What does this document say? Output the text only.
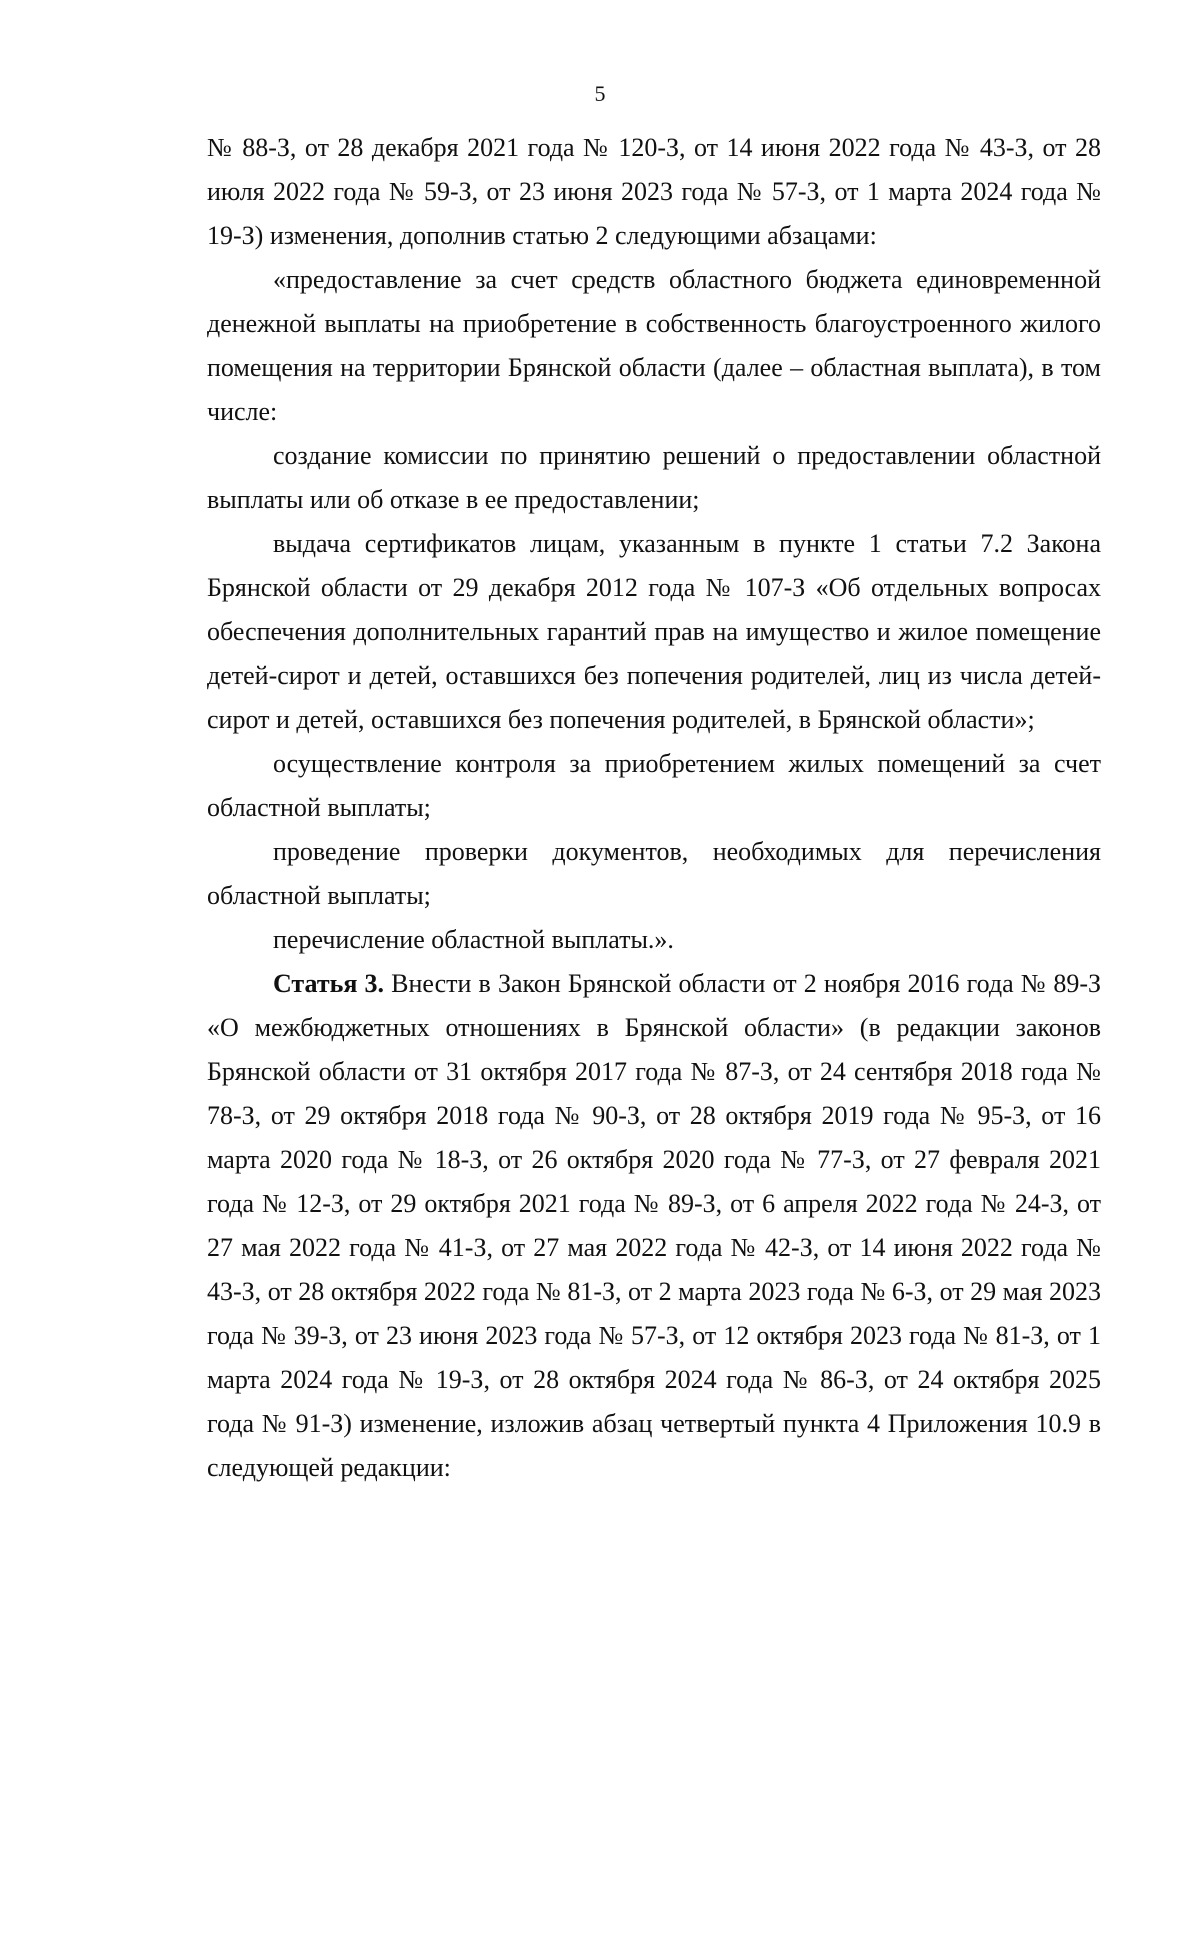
5

№ 88-З, от 28 декабря 2021 года № 120-З, от 14 июня 2022 года № 43-З, от 28 июля 2022 года № 59-З, от 23 июня 2023 года № 57-З, от 1 марта 2024 года № 19-З) изменения, дополнив статью 2 следующими абзацами:

«предоставление за счет средств областного бюджета единовременной денежной выплаты на приобретение в собственность благоустроенного жилого помещения на территории Брянской области (далее – областная выплата), в том числе:

создание комиссии по принятию решений о предоставлении областной выплаты или об отказе в ее предоставлении;

выдача сертификатов лицам, указанным в пункте 1 статьи 7.2 Закона Брянской области от 29 декабря 2012 года № 107-З «Об отдельных вопросах обеспечения дополнительных гарантий прав на имущество и жилое помещение детей-сирот и детей, оставшихся без попечения родителей, лиц из числа детей-сирот и детей, оставшихся без попечения родителей, в Брянской области»;

осуществление контроля за приобретением жилых помещений за счет областной выплаты;

проведение проверки документов, необходимых для перечисления областной выплаты;

перечисление областной выплаты.».

Статья 3. Внести в Закон Брянской области от 2 ноября 2016 года № 89-З «О межбюджетных отношениях в Брянской области» (в редакции законов Брянской области от 31 октября 2017 года № 87-З, от 24 сентября 2018 года № 78-З, от 29 октября 2018 года № 90-З, от 28 октября 2019 года № 95-З, от 16 марта 2020 года № 18-З, от 26 октября 2020 года № 77-З, от 27 февраля 2021 года № 12-З, от 29 октября 2021 года № 89-З, от 6 апреля 2022 года № 24-З, от 27 мая 2022 года № 41-З, от 27 мая 2022 года № 42-З, от 14 июня 2022 года № 43-З, от 28 октября 2022 года № 81-З, от 2 марта 2023 года № 6-З, от 29 мая 2023 года № 39-З, от 23 июня 2023 года № 57-З, от 12 октября 2023 года № 81-З, от 1 марта 2024 года № 19-З, от 28 октября 2024 года № 86-З, от 24 октября 2025 года № 91-З) изменение, изложив абзац четвертый пункта 4 Приложения 10.9 в следующей редакции:
